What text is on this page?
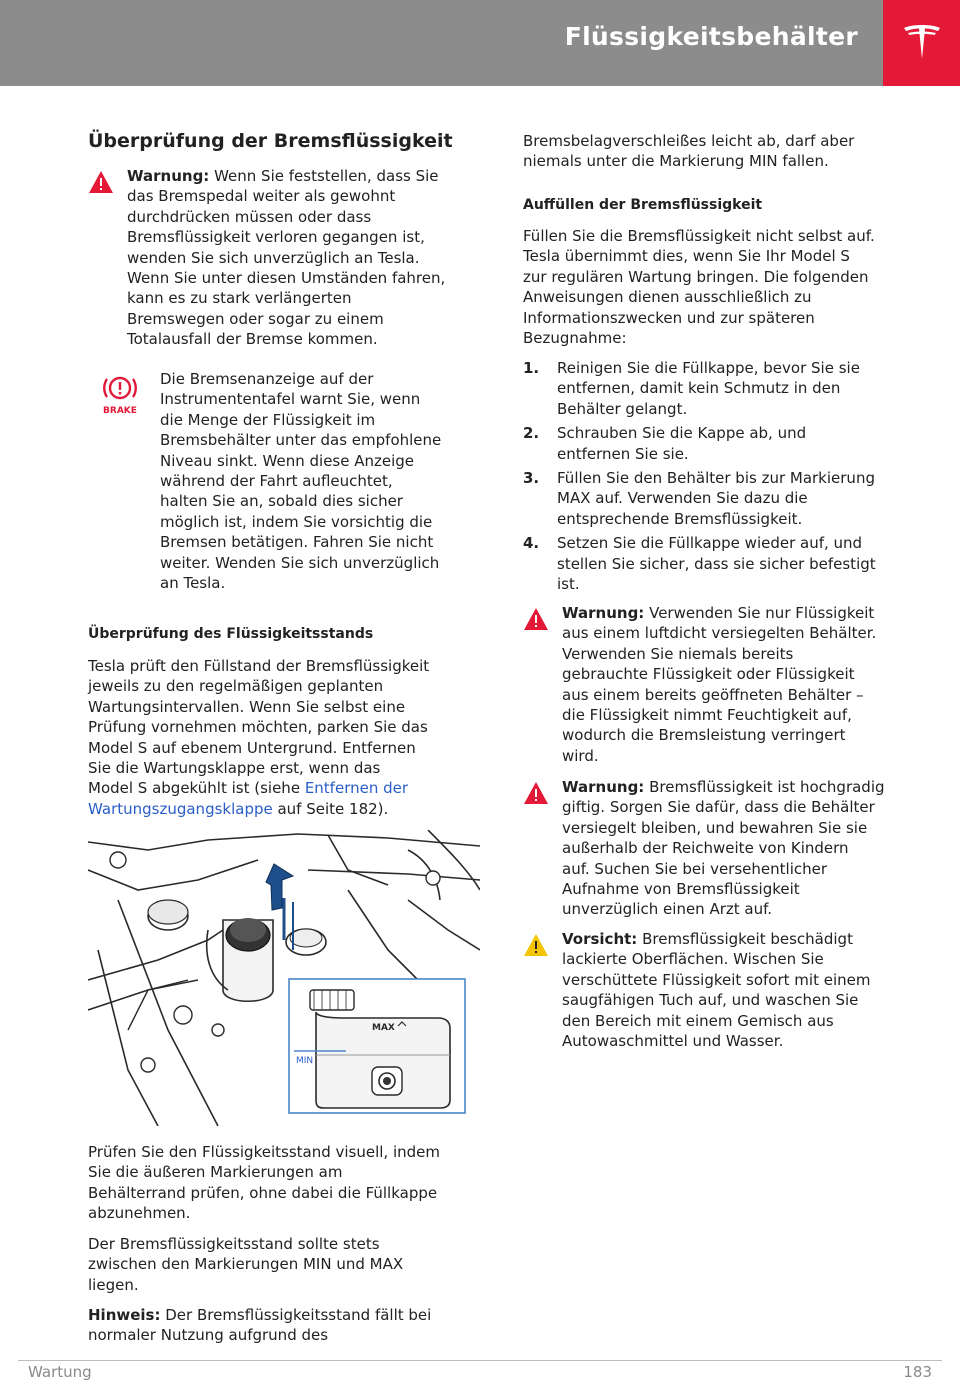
Flüssigkeitsbehälter
Überprüfung der Bremsflüssigkeit
Warnung: Wenn Sie feststellen, dass Sie
das Bremspedal weiter als gewohnt
durchdrücken müssen oder dass
Bremsflüssigkeit verloren gegangen ist,
wenden Sie sich unverzüglich an Tesla.
Wenn Sie unter diesen Umständen fahren,
kann es zu stark verlängerten
Bremswegen oder sogar zu einem
Totalausfall der Bremse kommen.
BRAKE
Die Bremsenanzeige auf der
Instrumententafel warnt Sie, wenn
die Menge der Flüssigkeit im
Bremsbehälter unter das empfohlene
Niveau sinkt. Wenn diese Anzeige
während der Fahrt aufleuchtet,
halten Sie an, sobald dies sicher
möglich ist, indem Sie vorsichtig die
Bremsen betätigen. Fahren Sie nicht
weiter. Wenden Sie sich unverzüglich
an Tesla.
Überprüfung des Flüssigkeitsstands
Tesla prüft den Füllstand der Bremsflüssigkeit
jeweils zu den regelmäßigen geplanten
Wartungsintervallen. Wenn Sie selbst eine
Prüfung vornehmen möchten, parken Sie das
Model S auf ebenem Untergrund. Entfernen
Sie die Wartungsklappe erst, wenn das
Model S abgekühlt ist (siehe Entfernen der
Wartungszugangsklappe auf Seite 182).
MIN
MAX
Prüfen Sie den Flüssigkeitsstand visuell, indem
Sie die äußeren Markierungen am
Behälterrand prüfen, ohne dabei die Füllkappe
abzunehmen.
Der Bremsflüssigkeitsstand sollte stets
zwischen den Markierungen MIN und MAX
liegen.
Hinweis: Der Bremsflüssigkeitsstand fällt bei
normaler Nutzung aufgrund des
Bremsbelagverschleißes leicht ab, darf aber
niemals unter die Markierung MIN fallen.
Auffüllen der Bremsflüssigkeit
Füllen Sie die Bremsflüssigkeit nicht selbst auf.
Tesla übernimmt dies, wenn Sie Ihr Model S
zur regulären Wartung bringen. Die folgenden
Anweisungen dienen ausschließlich zu
Informationszwecken und zur späteren
Bezugnahme:
1. Reinigen Sie die Füllkappe, bevor Sie sie
entfernen, damit kein Schmutz in den
Behälter gelangt.
2. Schrauben Sie die Kappe ab, und
entfernen Sie sie.
3. Füllen Sie den Behälter bis zur Markierung
MAX auf. Verwenden Sie dazu die
entsprechende Bremsflüssigkeit.
4. Setzen Sie die Füllkappe wieder auf, und
stellen Sie sicher, dass sie sicher befestigt
ist.
Warnung: Verwenden Sie nur Flüssigkeit
aus einem luftdicht versiegelten Behälter.
Verwenden Sie niemals bereits
gebrauchte Flüssigkeit oder Flüssigkeit
aus einem bereits geöffneten Behälter –
die Flüssigkeit nimmt Feuchtigkeit auf,
wodurch die Bremsleistung verringert
wird.
Warnung: Bremsflüssigkeit ist hochgradig
giftig. Sorgen Sie dafür, dass die Behälter
versiegelt bleiben, und bewahren Sie sie
außerhalb der Reichweite von Kindern
auf. Suchen Sie bei versehentlicher
Aufnahme von Bremsflüssigkeit
unverzüglich einen Arzt auf.
Vorsicht: Bremsflüssigkeit beschädigt
lackierte Oberflächen. Wischen Sie
verschüttete Flüssigkeit sofort mit einem
saugfähigen Tuch auf, und waschen Sie
den Bereich mit einem Gemisch aus
Autowaschmittel und Wasser.
Wartung	183
